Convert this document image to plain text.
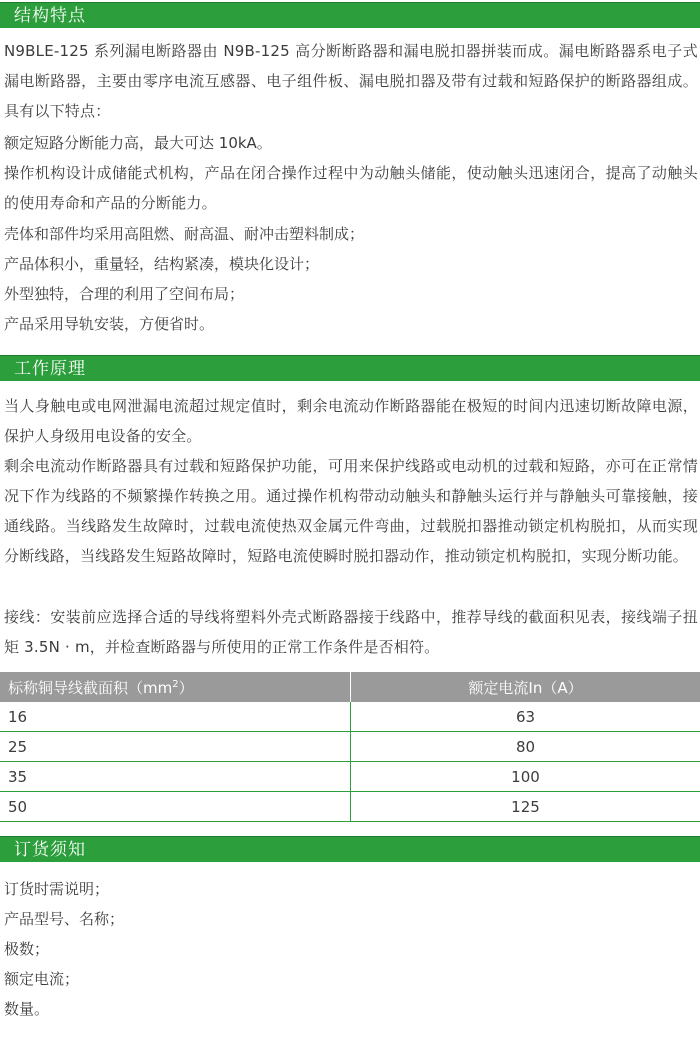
结构特点

N9BLE-125 系列漏电断路器由 N9B-125 高分断断路器和漏电脱扣器拼装而成。漏电断路器系电子式漏电断路器，主要由零序电流互感器、电子组件板、漏电脱扣器及带有过载和短路保护的断路器组成。具有以下特点：

额定短路分断能力高，最大可达 10kA。

操作机构设计成储能式机构，产品在闭合操作过程中为动触头储能，使动触头迅速闭合，提高了动触头的使用寿命和产品的分断能力。

壳体和部件均采用高阻燃、耐高温、耐冲击塑料制成；
产品体积小，重量轻，结构紧凑，模块化设计；
外型独特，合理的利用了空间布局；
产品采用导轨安装，方便省时。
工作原理

当人身触电或电网泄漏电流超过规定值时，剩余电流动作断路器能在极短的时间内迅速切断故障电源，保护人身级用电设备的安全。

剩余电流动作断路器具有过载和短路保护功能，可用来保护线路或电动机的过载和短路，亦可在正常情况下作为线路的不频繁操作转换之用。通过操作机构带动动触头和静触头运行并与静触头可靠接触，接通线路。当线路发生故障时，过载电流使热双金属元件弯曲，过载脱扣器推动锁定机构脱扣，从而实现分断线路，当线路发生短路故障时，短路电流使瞬时脱扣器动作，推动锁定机构脱扣，实现分断功能。

接线：安装前应选择合适的导线将塑料外壳式断路器接于线路中，推荐导线的截面积见表，接线端子扭矩 3.5N · m，并检查断路器与所使用的正常工作条件是否相符。

标称铜导线截面积$(mm^2)$	额定电流In（A）
16	63
25	80
35	100
50	125
订货须知
订货时需说明；
产品型号、名称；
极数；
额定电流；
数量。
